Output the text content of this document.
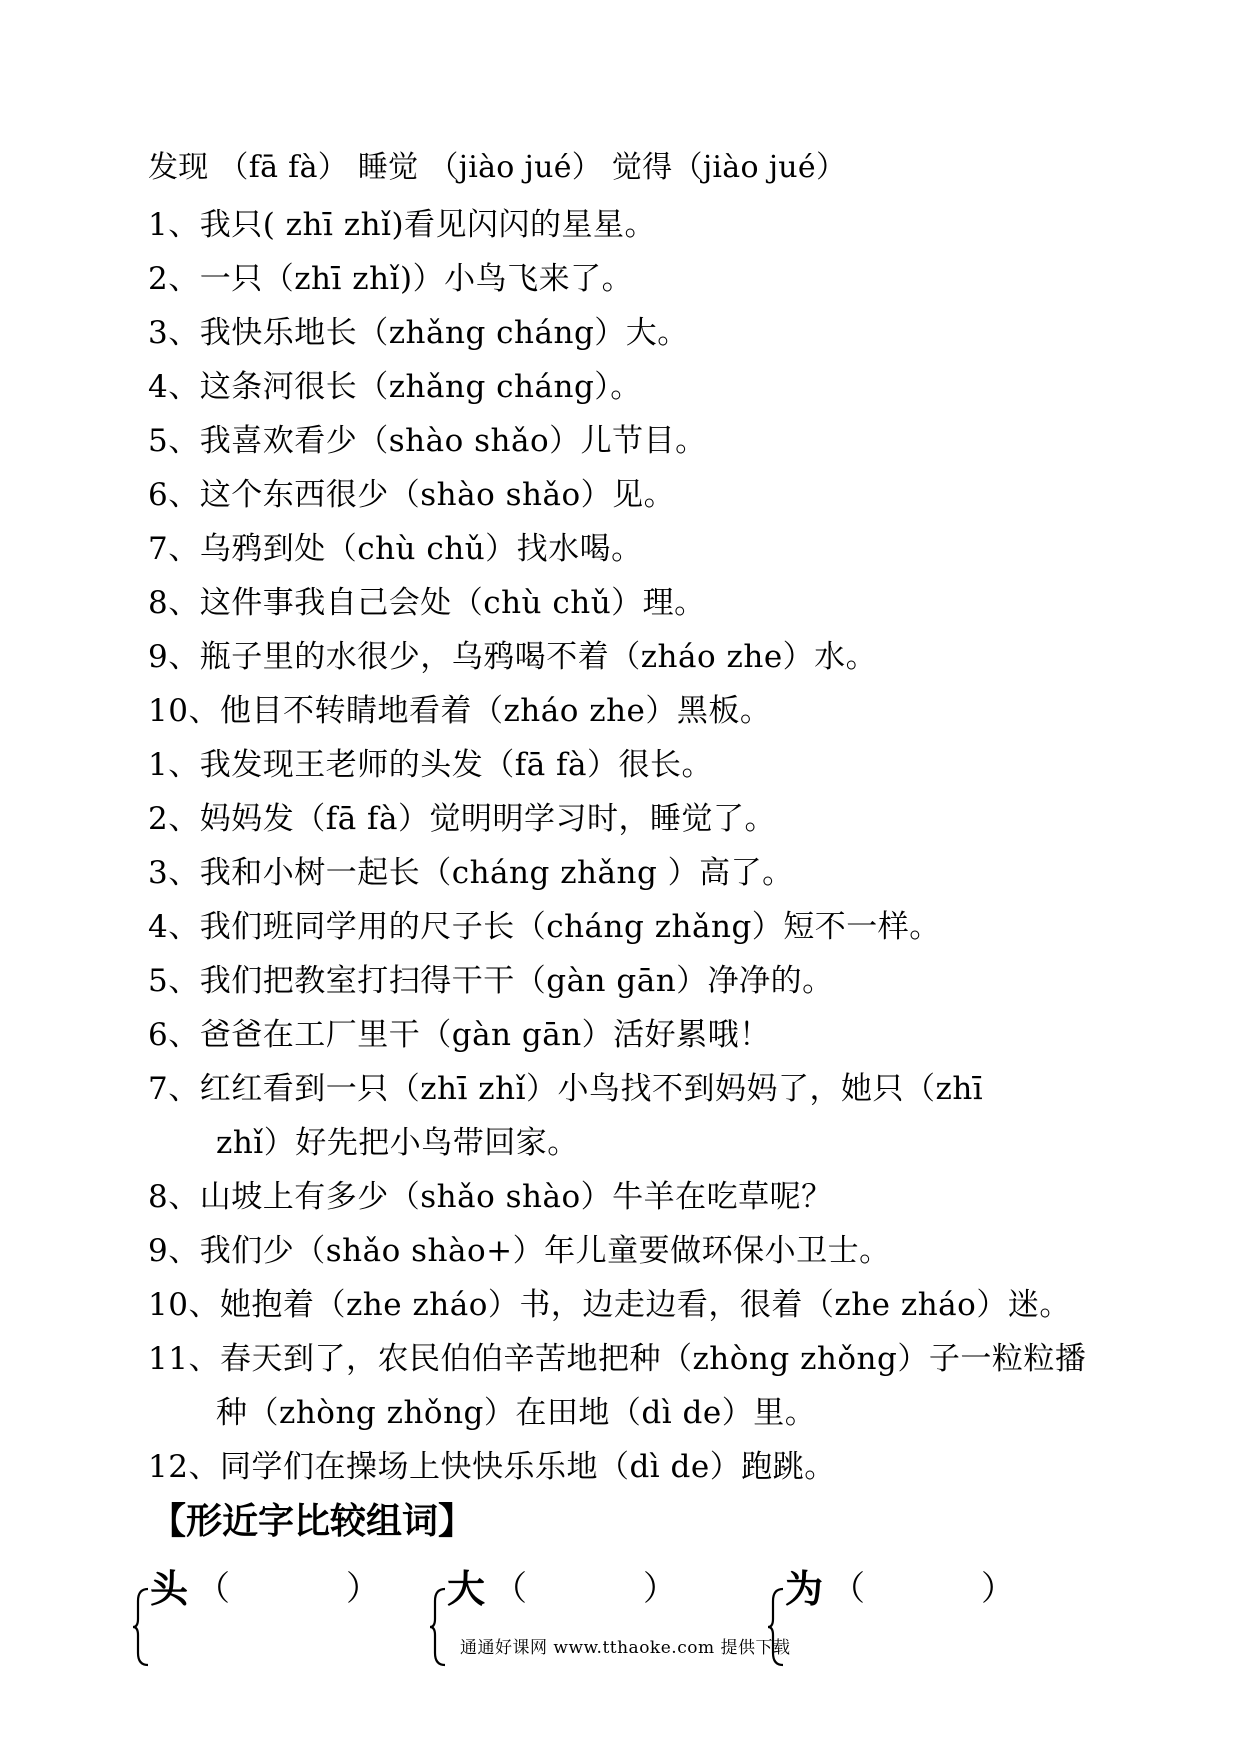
发现 （fā fà） 睡觉 （jiào jué） 觉得（jiào jué）
1、我只( zhī zhǐ)看见闪闪的星星。
2、一只（zhī zhǐ)）小鸟飞来了。
3、我快乐地长（zhǎng cháng）大。
4、这条河很长（zhǎng cháng）。
5、我喜欢看少（shào shǎo）儿节目。
6、这个东西很少（shào shǎo）见。
7、乌鸦到处（chù chǔ）找水喝。
8、这件事我自己会处（chù chǔ）理。
9、瓶子里的水很少，乌鸦喝不着（zháo zhe）水。
10、他目不转睛地看着（zháo zhe）黑板。
1、我发现王老师的头发（fā fà）很长。
2、妈妈发（fā fà）觉明明学习时，睡觉了。
3、我和小树一起长（cháng zhǎng ）高了。
4、我们班同学用的尺子长（cháng zhǎng）短不一样。
5、我们把教室打扫得干干（gàn gān）净净的。
6、爸爸在工厂里干（gàn gān）活好累哦！
7、红红看到一只（zhī zhǐ）小鸟找不到妈妈了，她只（zhī
zhǐ）好先把小鸟带回家。
8、山坡上有多少（shǎo shào）牛羊在吃草呢？
9、我们少（shǎo shào+）年儿童要做环保小卫士。
10、她抱着（zhe zháo）书，边走边看，很着（zhe zháo）迷。
11、春天到了，农民伯伯辛苦地把种（zhòng zhǒng）子一粒粒播
种（zhòng zhǒng）在田地（dì de）里。
12、同学们在操场上快快乐乐地（dì de）跑跳。
【形近字比较组词】
头 （	） 大 （	）	为 （	）
通通好课网 www.tthaoke.com 提供下载
